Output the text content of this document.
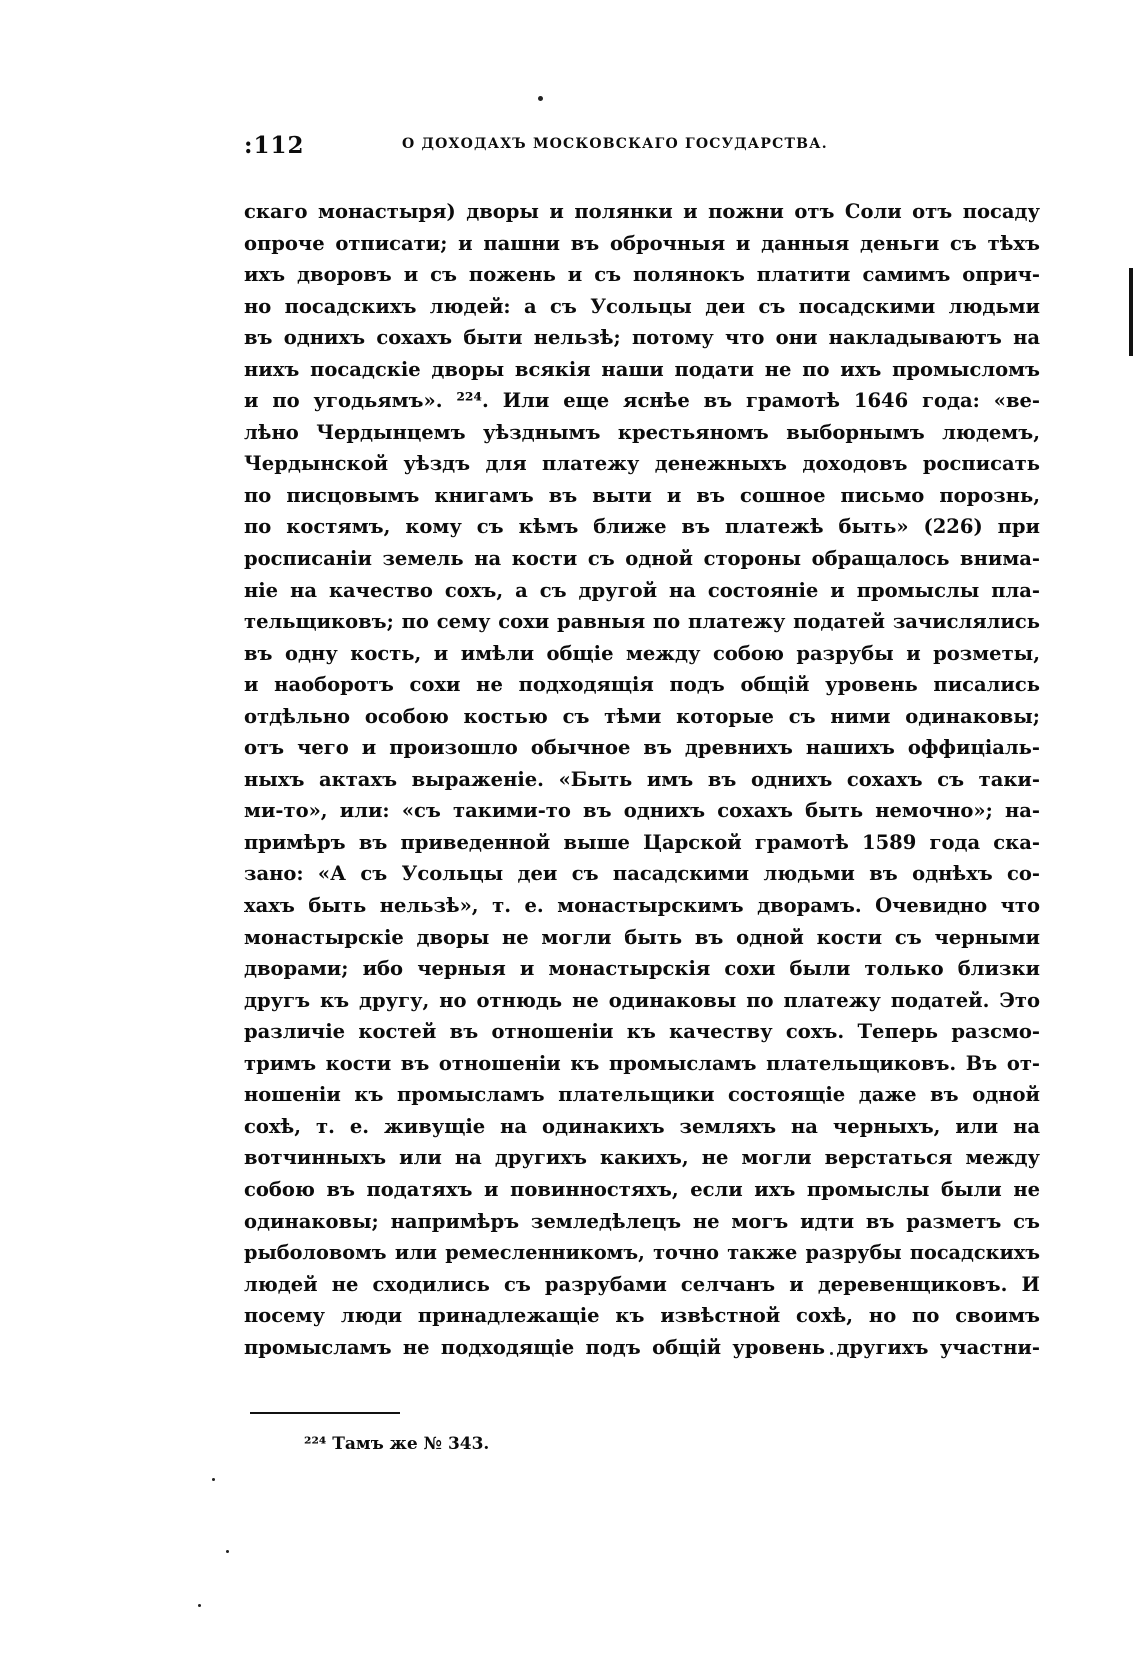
:112	О ДОХОДАХЪ МОСКОВСКАГО ГОСУДАРСТВА.
скаго монастыря) дворы и полянки и пожни отъ Соли отъ посаду
опроче отписати; и пашни въ оброчныя и данныя деньги съ тѣхъ
ихъ дворовъ и съ пожень и съ полянокъ платити самимъ оприч-
но посадскихъ людей: а съ Усольцы деи съ посадскими людьми
въ однихъ сохахъ быти нельзѣ; потому что они накладываютъ на
нихъ посадскіе дворы всякія наши подати не по ихъ промысломъ
и по угодьямъ». ²²⁴. Или еще яснѣе въ грамотѣ 1646 года: «ве-
лѣно Чердынцемъ уѣзднымъ крестьяномъ выборнымъ людемъ,
Чердынской уѣздъ для платежу денежныхъ доходовъ росписать
по писцовымъ книгамъ въ выти и въ сошное письмо порознь,
по костямъ, кому съ кѣмъ ближе въ платежѣ быть» (226) при
росписаніи земель на кости съ одной стороны обращалось внима-
ніе на качество сохъ, а съ другой на состояніе и промыслы пла-
тельщиковъ; по сему сохи равныя по платежу податей зачислялись
въ одну кость, и имѣли общіе между собою разрубы и розметы,
и наоборотъ сохи не подходящія подъ общій уровень писались
отдѣльно особою костью съ тѣми которые съ ними одинаковы;
отъ чего и произошло обычное въ древнихъ нашихъ оффиціаль-
ныхъ актахъ выраженіе. «Быть имъ въ однихъ сохахъ съ таки-
ми-то», или: «съ такими-то въ однихъ сохахъ быть немочно»; на-
примѣръ въ приведенной выше Царской грамотѣ 1589 года ска-
зано: «А съ Усольцы деи съ пасадскими людьми въ однѣхъ со-
хахъ быть нельзѣ», т. е. монастырскимъ дворамъ. Очевидно что
монастырскіе дворы не могли быть въ одной кости съ черными
дворами; ибо черныя и монастырскія сохи были только близки
другъ къ другу, но отнюдь не одинаковы по платежу податей. Это
различіе костей въ отношеніи къ качеству сохъ. Теперь разсмо-
тримъ кости въ отношеніи къ промысламъ плательщиковъ. Въ от-
ношеніи къ промысламъ плательщики состоящіе даже въ одной
сохѣ, т. е. живущіе на одинакихъ земляхъ на черныхъ, или на
вотчинныхъ или на другихъ какихъ, не могли верстаться между
собою въ податяхъ и повинностяхъ, если ихъ промыслы были не
одинаковы; напримѣръ земледѣлецъ не могъ идти въ разметъ съ
рыболовомъ или ремесленникомъ, точно также разрубы посадскихъ
людей не сходились съ разрубами селчанъ и деревенщиковъ. И
посему люди принадлежащіе къ извѣстной сохѣ, но по своимъ
промысламъ не подходящіе подъ общій уровень другихъ участни-
²²⁴ Тамъ же № 343.
